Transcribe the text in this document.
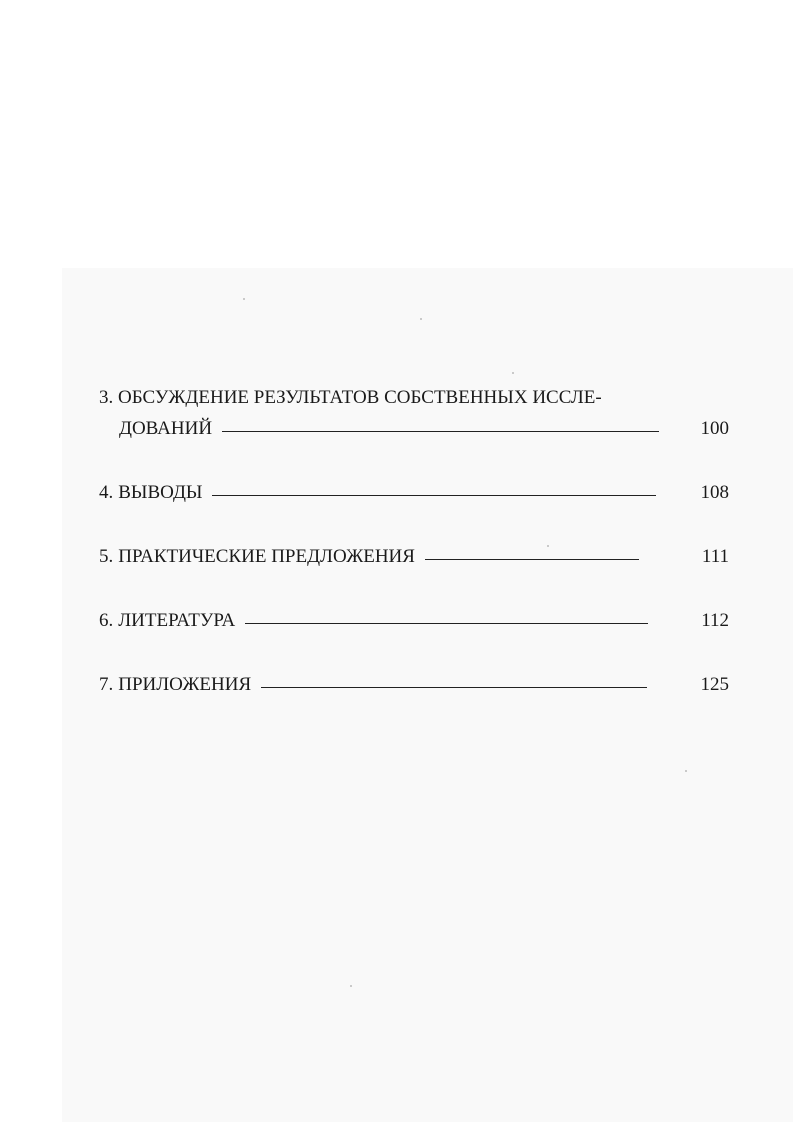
3. ОБСУЖДЕНИЕ РЕЗУЛЬТАТОВ СОБСТВЕННЫХ ИССЛЕ-
ДОВАНИЙ	100
4. ВЫВОДЫ	108
5. ПРАКТИЧЕСКИЕ ПРЕДЛОЖЕНИЯ	111
6. ЛИТЕРАТУРА	112
7. ПРИЛОЖЕНИЯ	125
